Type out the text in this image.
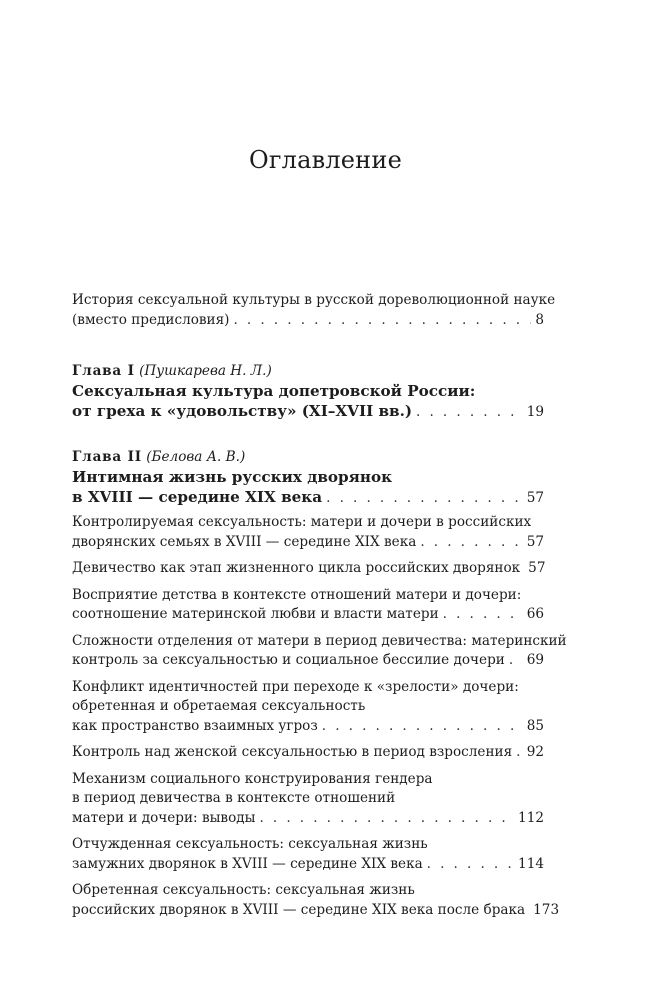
Оглавление
История сексуальной культуры в русской дореволюционной науке
(вместо предисловия) . . .	8
Глава I (Пушкарева Н. Л.)
Сексуальная культура допетровской России:
от греха к «удовольству» (XI–XVII вв.) . . .	19
Глава II (Белова А. В.)
Интимная жизнь русских дворянок
в XVIII — середине XIX века . . .	57
Контролируемая сексуальность: матери и дочери в российских
дворянских семьях в XVIII — середине XIX века . . .	57
Девичество как этап жизненного цикла российских дворянок 57
Восприятие детства в контексте отношений матери и дочери:
соотношение материнской любви и власти матери . . .	66
Сложности отделения от матери в период девичества: материнский
контроль за сексуальностью и социальное бессилие дочери . . . 69
Конфликт идентичностей при переходе к «зрелости» дочери:
обретенная и обретаемая сексуальность
как пространство взаимных угроз . . .	85
Контроль над женской сексуальностью в период взросления . . . 92
Механизм социального конструирования гендера
в период девичества в контексте отношений
матери и дочери: выводы . . .	112
Отчужденная сексуальность: сексуальная жизнь
замужних дворянок в XVIII — середине XIX века . . .	114
Обретенная сексуальность: сексуальная жизнь
российских дворянок в XVIII — середине XIX века после брака 173
